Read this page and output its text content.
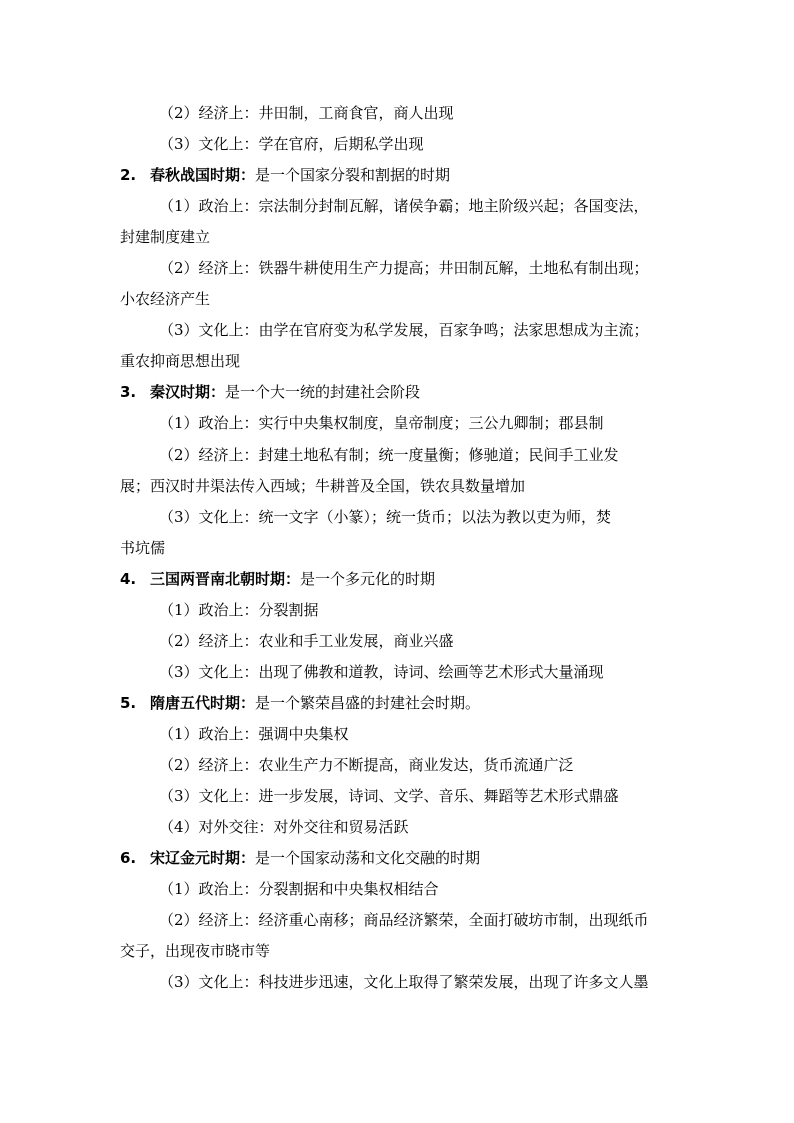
（2）经济上：井田制，工商食官，商人出现
（3）文化上：学在官府，后期私学出现
2. 春秋战国时期：是一个国家分裂和割据的时期
（1）政治上：宗法制分封制瓦解，诸侯争霸；地主阶级兴起；各国变法，
封建制度建立
（2）经济上：铁器牛耕使用生产力提高；井田制瓦解，土地私有制出现；
小农经济产生
（3）文化上：由学在官府变为私学发展，百家争鸣；法家思想成为主流；
重农抑商思想出现
3. 秦汉时期：是一个大一统的封建社会阶段
（1）政治上：实行中央集权制度，皇帝制度；三公九卿制；郡县制
（2）经济上：封建土地私有制；统一度量衡；修驰道；民间手工业发
展；西汉时井渠法传入西域；牛耕普及全国，铁农具数量增加
（3）文化上：统一文字（小篆）；统一货币；以法为教以吏为师，焚
书坑儒
4. 三国两晋南北朝时期：是一个多元化的时期
（1）政治上：分裂割据
（2）经济上：农业和手工业发展，商业兴盛
（3）文化上：出现了佛教和道教，诗词、绘画等艺术形式大量涌现
5. 隋唐五代时期：是一个繁荣昌盛的封建社会时期。
（1）政治上：强调中央集权
（2）经济上：农业生产力不断提高，商业发达，货币流通广泛
（3）文化上：进一步发展，诗词、文学、音乐、舞蹈等艺术形式鼎盛
（4）对外交往：对外交往和贸易活跃
6. 宋辽金元时期：是一个国家动荡和文化交融的时期
（1）政治上：分裂割据和中央集权相结合
（2）经济上：经济重心南移；商品经济繁荣，全面打破坊市制，出现纸币
交子，出现夜市晓市等
（3）文化上：科技进步迅速，文化上取得了繁荣发展，出现了许多文人墨
